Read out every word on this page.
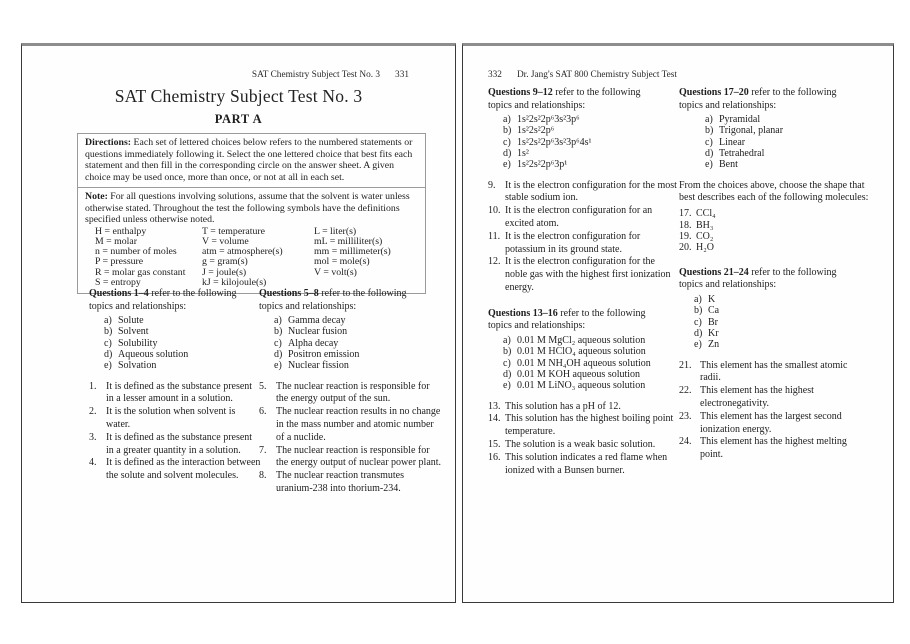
SAT Chemistry Subject Test No. 3 331
SAT Chemistry Subject Test No. 3
PART A
Directions: Each set of lettered choices below refers to the numbered statements or questions immediately following it. Select the one lettered choice that best fits each statement and then fill in the corresponding circle on the answer sheet. A given choice may be used once, more than once, or not at all in each set.
Note: For all questions involving solutions, assume that the solvent is water unless otherwise stated. Throughout the test the following symbols have the definitions specified unless otherwise noted.
H = enthalpy	T = temperature	L = liter(s)
M = molar	V = volume	mL = milliliter(s)
n = number of moles	atm = atmosphere(s)	mm = millimeter(s)
P = pressure	g = gram(s)	mol = mole(s)
R = molar gas constant	J = joule(s)	V = volt(s)
S = entropy	kJ = kilojoule(s)
Questions 1–4 refer to the following
topics and relationships:
a) Solute
b) Solvent
c) Solubility
d) Aqueous solution
e) Solvation
1. It is defined as the substance present in a lesser amount in a solution.
2. It is the solution when solvent is water.
3. It is defined as the substance present in a greater quantity in a solution.
4. It is defined as the interaction between the solute and solvent molecules.
Questions 5–8 refer to the following
topics and relationships:
a) Gamma decay
b) Nuclear fusion
c) Alpha decay
d) Positron emission
e) Nuclear fission
5. The nuclear reaction is responsible for the energy output of the sun.
6. The nuclear reaction results in no change in the mass number and atomic number of a nuclide.
7. The nuclear reaction is responsible for the energy output of nuclear power plant.
8. The nuclear reaction transmutes uranium-238 into thorium-234.
332 Dr. Jang's SAT 800 Chemistry Subject Test
Questions 9–12 refer to the following
topics and relationships:
a) 1s²2s²2p⁶3s²3p⁶
b) 1s²2s²2p⁶
c) 1s²2s²2p⁶3s²3p⁶4s¹
d) 1s²
e) 1s²2s²2p⁶3p¹
9. It is the electron configuration for the most stable sodium ion.
10. It is the electron configuration for an excited atom.
11. It is the electron configuration for potassium in its ground state.
12. It is the electron configuration for the noble gas with the highest first ionization energy.
Questions 13–16 refer to the following
topics and relationships:
a) 0.01 M MgCl₂ aqueous solution
b) 0.01 M HClO₄ aqueous solution
c) 0.01 M NH₄OH aqueous solution
d) 0.01 M KOH aqueous solution
e) 0.01 M LiNO₃ aqueous solution
13. This solution has a pH of 12.
14. This solution has the highest boiling point temperature.
15. The solution is a weak basic solution.
16. This solution indicates a red flame when ionized with a Bunsen burner.
Questions 17–20 refer to the following
topics and relationships:
a) Pyramidal
b) Trigonal, planar
c) Linear
d) Tetrahedral
e) Bent
From the choices above, choose the shape that best describes each of the following molecules:
17. CCl₄
18. BH₃
19. CO₂
20. H₂O
Questions 21–24 refer to the following
topics and relationships:
a) K
b) Ca
c) Br
d) Kr
e) Zn
21. This element has the smallest atomic radii.
22. This element has the highest electronegativity.
23. This element has the largest second ionization energy.
24. This element has the highest melting point.
